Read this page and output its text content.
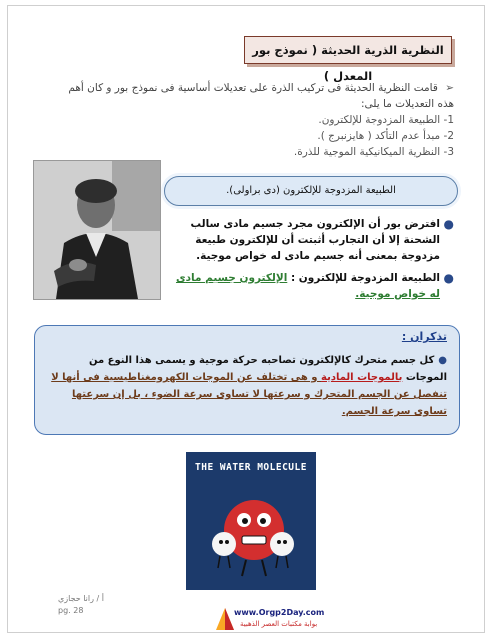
النظرية الذرية الحديثة ( نموذج بور المعدل )
➢ قامت النظرية الحديثة فى تركيب الذرة على تعديلات أساسية فى نموذج بور و كان أهم هذه التعديلات ما يلى:
1- الطبيعة المزدوجة للإلكترون.
2- مبدأ عدم التأكد ( هايزنبرج ).
3- النظرية الميكانيكية الموجية للذرة.
الطبيعة المزدوجة للإلكترون (دى براولى).
●
افترض بور أن الإلكترون مجرد جسيم مادى سالب الشحنة إلا أن التجارب أثبتت أن للإلكترون طبيعة مزدوجة بمعنى أنه جسيم مادى له خواص موجية.
●
الطبيعة المزدوجة للإلكترون : الإلكترون جسيم مادى له خواص موجية.
تذكران :
●كل جسم متحرك كالإلكترون تصاحبه حركة موجية و يسمى هذا النوع من الموجات بالموجات المادية و هى تختلف عن الموجات الكهرومغناطيسية فى أنها لا تنفصل عن الجسم المتحرك و سرعتها لا تساوى سرعة الضوء ، بل إن سرعتها تساوى سرعة الجسم.
THE WATER MOLECULE
أ / رانا حجازي
pg. 28	www.Orgp2Day.com
بوابة مكتبات العصر الذهبية
